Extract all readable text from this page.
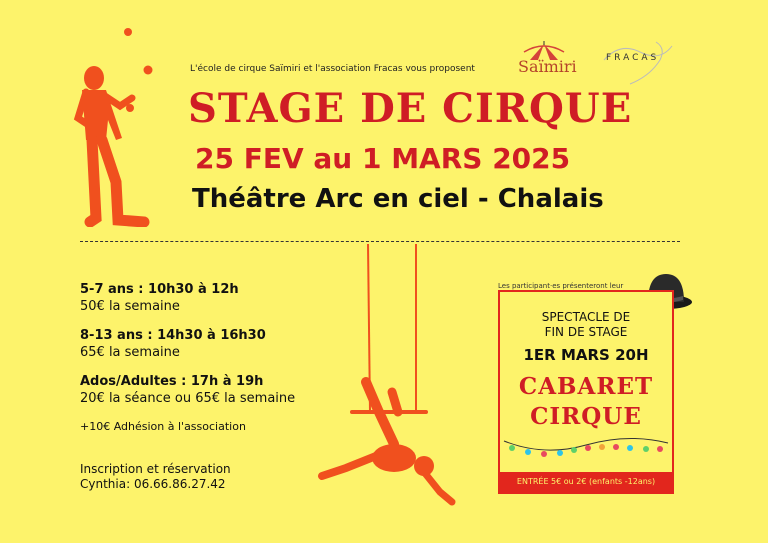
L'école de cirque Saïmiri et l'association Fracas vous proposent	Saïmiri	FRACAS
STAGE DE CIRQUE
25 FEV au 1 MARS 2025
Théâtre Arc en ciel - Chalais
5-7 ans : 10h30 à 12h
50€ la semaine
8-13 ans : 14h30 à 16h30
65€ la semaine
Ados/Adultes : 17h à 19h
20€ la séance ou 65€ la semaine
+10€ Adhésion à l'association
Inscription et réservation
Cynthia: 06.66.86.27.42
Les participant·es présenteront leur
SPECTACLE DE
FIN DE STAGE
1ER MARS 20H
CABARET
CIRQUE
ENTRÉE 5€ ou 2€ (enfants -12ans)
